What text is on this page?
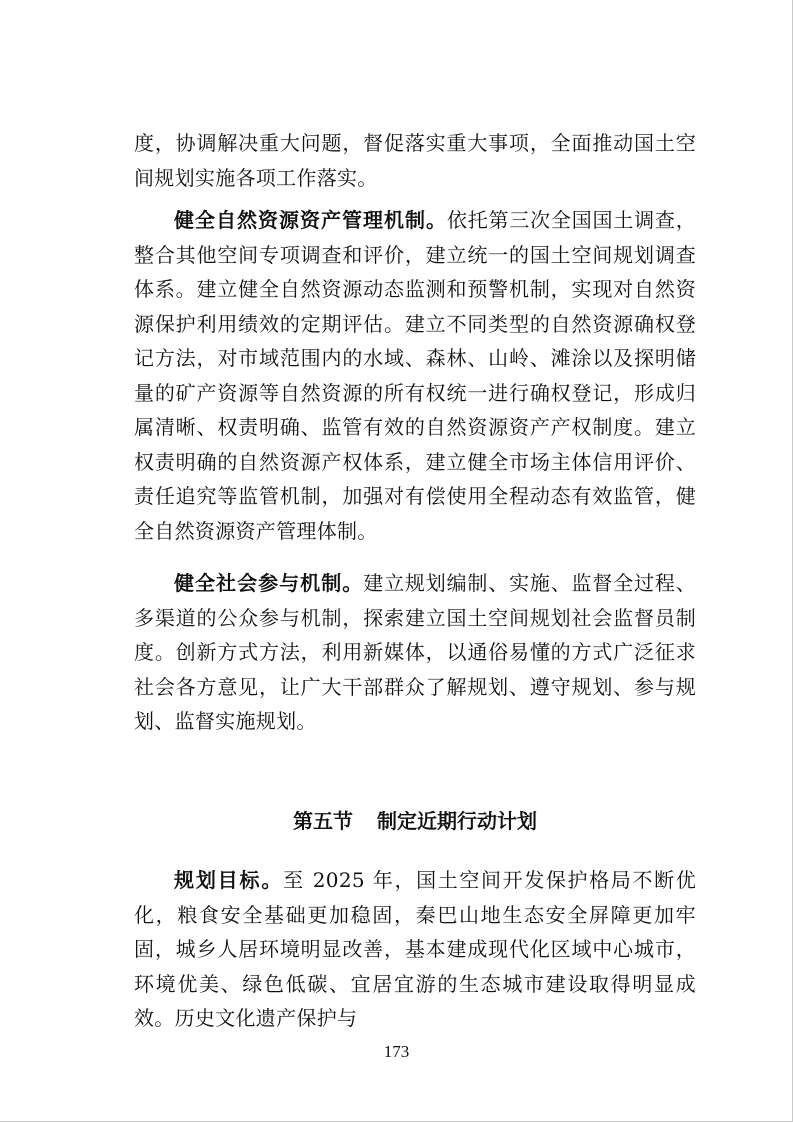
度，协调解决重大问题，督促落实重大事项，全面推动国土空间规划实施各项工作落实。

健全自然资源资产管理机制。依托第三次全国国土调查，整合其他空间专项调查和评价，建立统一的国土空间规划调查体系。建立健全自然资源动态监测和预警机制，实现对自然资源保护利用绩效的定期评估。建立不同类型的自然资源确权登记方法，对市域范围内的水域、森林、山岭、滩涂以及探明储量的矿产资源等自然资源的所有权统一进行确权登记，形成归属清晰、权责明确、监管有效的自然资源资产产权制度。建立权责明确的自然资源产权体系，建立健全市场主体信用评价、责任追究等监管机制，加强对有偿使用全程动态有效监管，健全自然资源资产管理体制。

健全社会参与机制。建立规划编制、实施、监督全过程、多渠道的公众参与机制，探索建立国土空间规划社会监督员制度。创新方式方法，利用新媒体，以通俗易懂的方式广泛征求社会各方意见，让广大干部群众了解规划、遵守规划、参与规划、监督实施规划。

第五节 制定近期行动计划

规划目标。至 2025 年，国土空间开发保护格局不断优化，粮食安全基础更加稳固，秦巴山地生态安全屏障更加牢固，城乡人居环境明显改善，基本建成现代化区域中心城市，环境优美、绿色低碳、宜居宜游的生态城市建设取得明显成效。历史文化遗产保护与

173
